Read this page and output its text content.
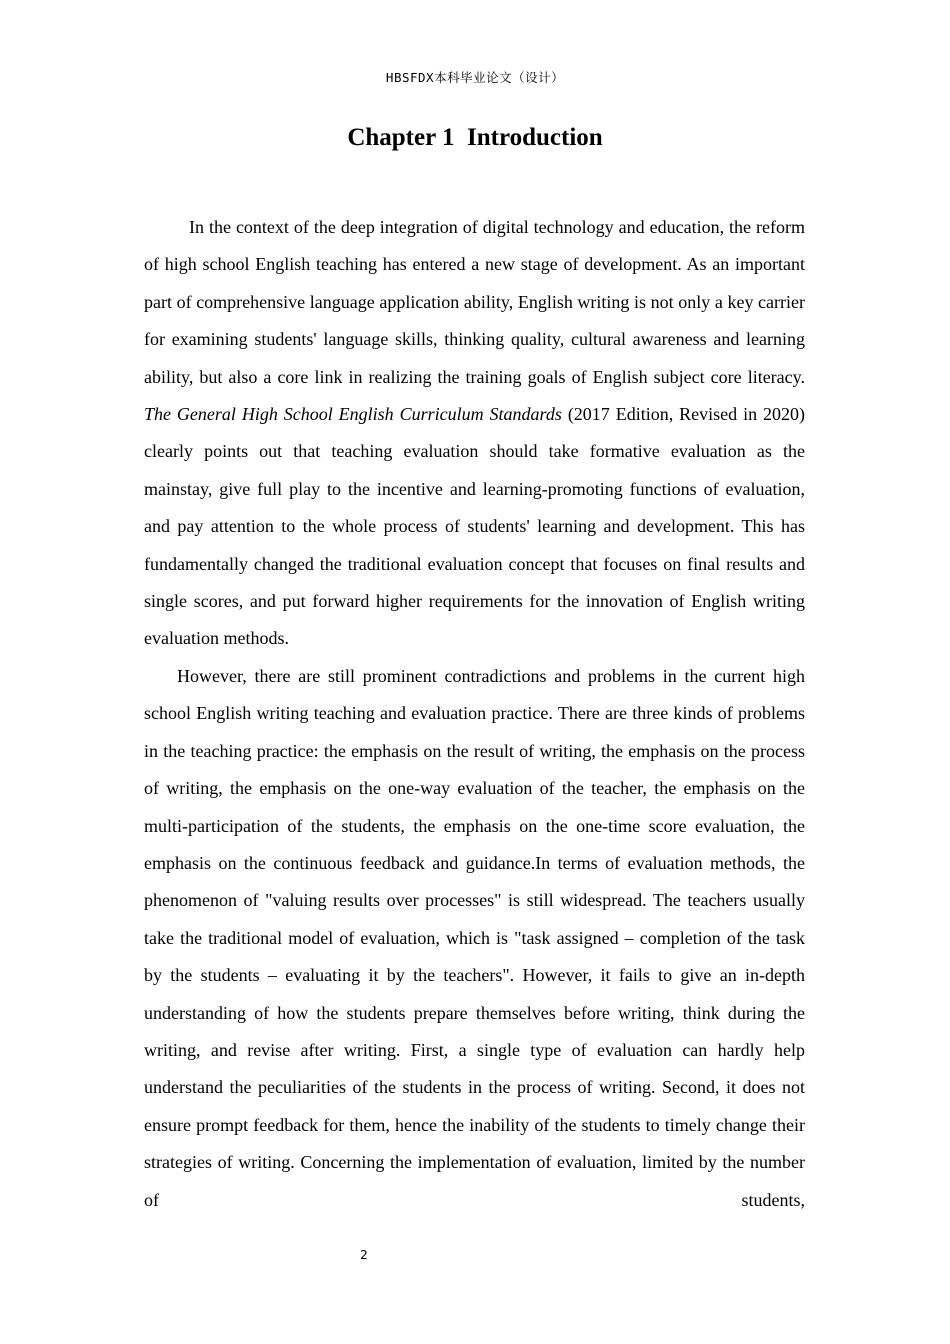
HBSFDX本科毕业论文（设计）
Chapter 1  Introduction

In the context of the deep integration of digital technology and education, the reform of high school English teaching has entered a new stage of development. As an important part of comprehensive language application ability, English writing is not only a key carrier for examining students' language skills, thinking quality, cultural awareness and learning ability, but also a core link in realizing the training goals of English subject core literacy. The General High School English Curriculum Standards (2017 Edition, Revised in 2020) clearly points out that teaching evaluation should take formative evaluation as the mainstay, give full play to the incentive and learning-promoting functions of evaluation, and pay attention to the whole process of students' learning and development. This has fundamentally changed the traditional evaluation concept that focuses on final results and single scores, and put forward higher requirements for the innovation of English writing evaluation methods.

However, there are still prominent contradictions and problems in the current high school English writing teaching and evaluation practice. There are three kinds of problems in the teaching practice: the emphasis on the result of writing, the emphasis on the process of writing, the emphasis on the one-way evaluation of the teacher, the emphasis on the multi-participation of the students, the emphasis on the one-time score evaluation, the emphasis on the continuous feedback and guidance.In terms of evaluation methods, the phenomenon of "valuing results over processes" is still widespread. The teachers usually take the traditional model of evaluation, which is "task assigned – completion of the task by the students – evaluating it by the teachers". However, it fails to give an in-depth understanding of how the students prepare themselves before writing, think during the writing, and revise after writing. First, a single type of evaluation can hardly help understand the peculiarities of the students in the process of writing. Second, it does not ensure prompt feedback for them, hence the inability of the students to timely change their strategies of writing. Concerning the implementation of evaluation, limited by the number of students,

2
